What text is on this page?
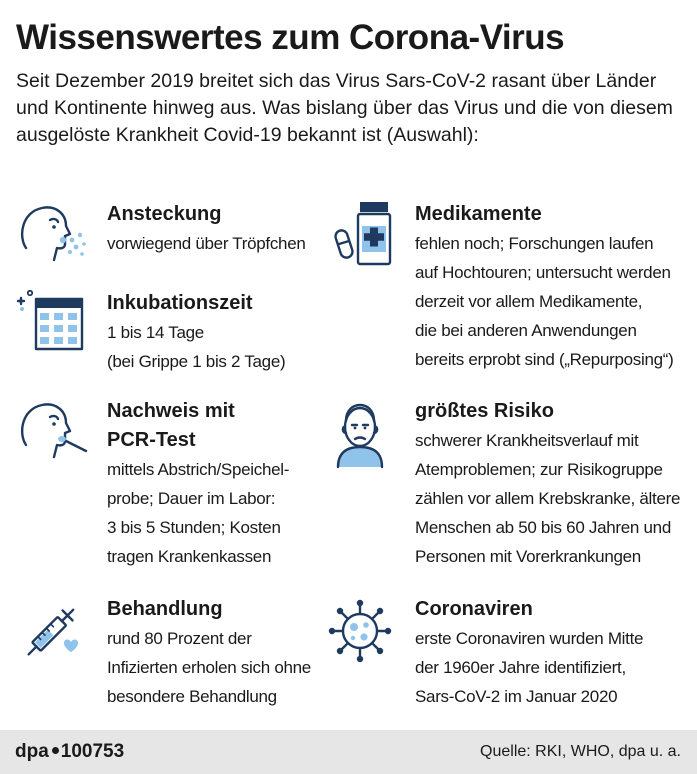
Wissenswertes zum Corona-Virus

Seit Dezember 2019 breitet sich das Virus Sars-CoV-2 rasant über Länder und Kontinente hinweg aus. Was bislang über das Virus und die von diesem ausgelöste Krankheit Covid-19 bekannt ist (Auswahl):

Ansteckung
vorwiegend über Tröpfchen
Inkubationszeit
1 bis 14 Tage
(bei Grippe 1 bis 2 Tage)
Nachweis mit
PCR-Test
mittels Abstrich/Speichel-
probe; Dauer im Labor:
3 bis 5 Stunden; Kosten
tragen Krankenkassen
Behandlung
rund 80 Prozent der
Infizierten erholen sich ohne
besondere Behandlung
Medikamente
fehlen noch; Forschungen laufen
auf Hochtouren; untersucht werden
derzeit vor allem Medikamente,
die bei anderen Anwendungen
bereits erprobt sind („Repurposing“)
größtes Risiko
schwerer Krankheitsverlauf mit
Atemproblemen; zur Risikogruppe
zählen vor allem Krebskranke, ältere
Menschen ab 50 bis 60 Jahren und
Personen mit Vorerkrankungen
Coronaviren
erste Coronaviren wurden Mitte
der 1960er Jahre identifiziert,
Sars-CoV-2 im Januar 2020
dpa 100753	Quelle: RKI, WHO, dpa u. a.
